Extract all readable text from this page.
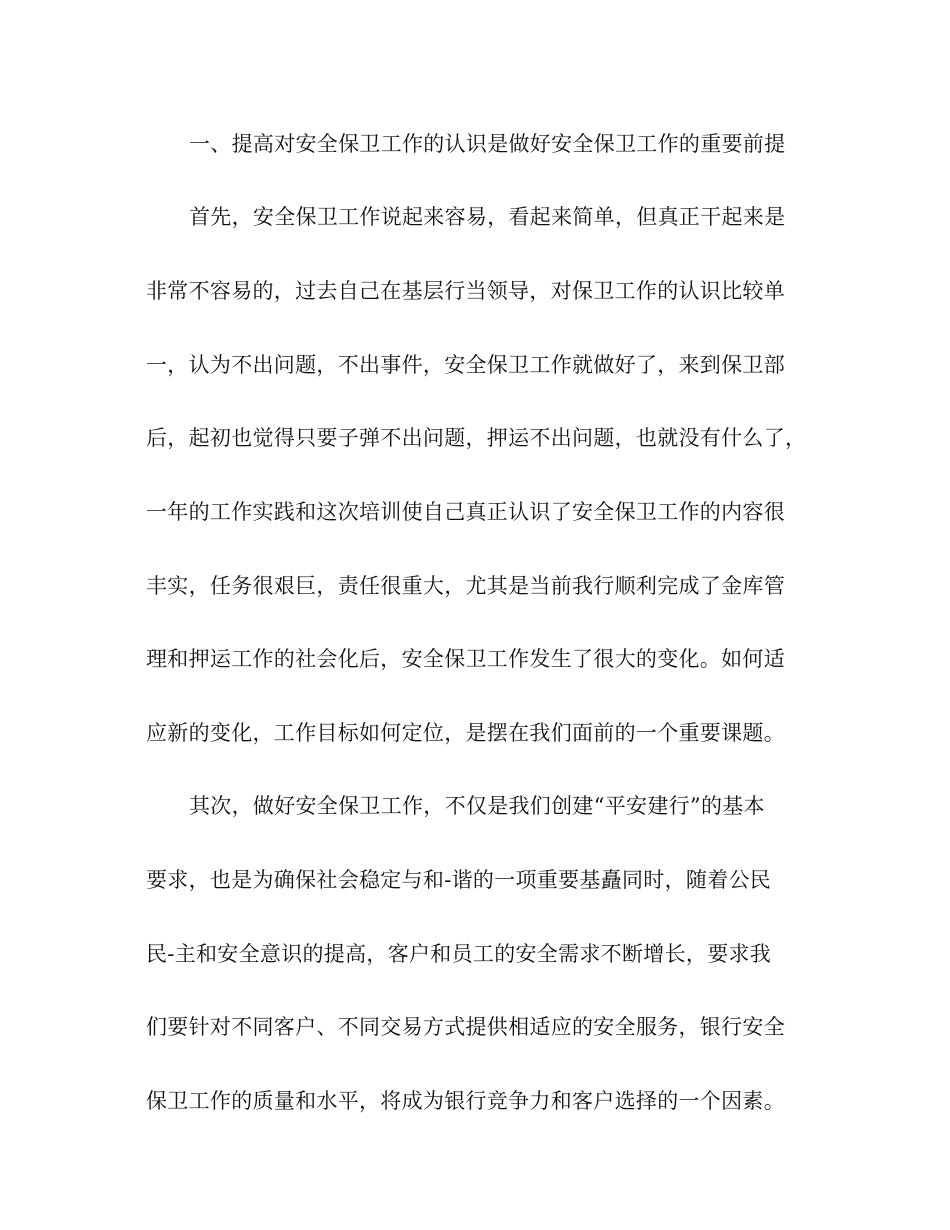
一、提高对安全保卫工作的认识是做好安全保卫工作的重要前提
首先，安全保卫工作说起来容易，看起来简单，但真正干起来是
非常不容易的，过去自己在基层行当领导，对保卫工作的认识比较单
一，认为不出问题，不出事件，安全保卫工作就做好了，来到保卫部
后，起初也觉得只要子弹不出问题，押运不出问题，也就没有什么了，
一年的工作实践和这次培训使自己真正认识了安全保卫工作的内容很
丰实，任务很艰巨，责任很重大，尤其是当前我行顺利完成了金库管
理和押运工作的社会化后，安全保卫工作发生了很大的变化。如何适
应新的变化，工作目标如何定位，是摆在我们面前的一个重要课题。
其次，做好安全保卫工作，不仅是我们创建“平安建行”的基本
要求，也是为确保社会稳定与和-谐的一项重要基矗同时，随着公民
民-主和安全意识的提高，客户和员工的安全需求不断增长，要求我
们要针对不同客户、不同交易方式提供相适应的安全服务，银行安全
保卫工作的质量和水平，将成为银行竞争力和客户选择的一个因素。
